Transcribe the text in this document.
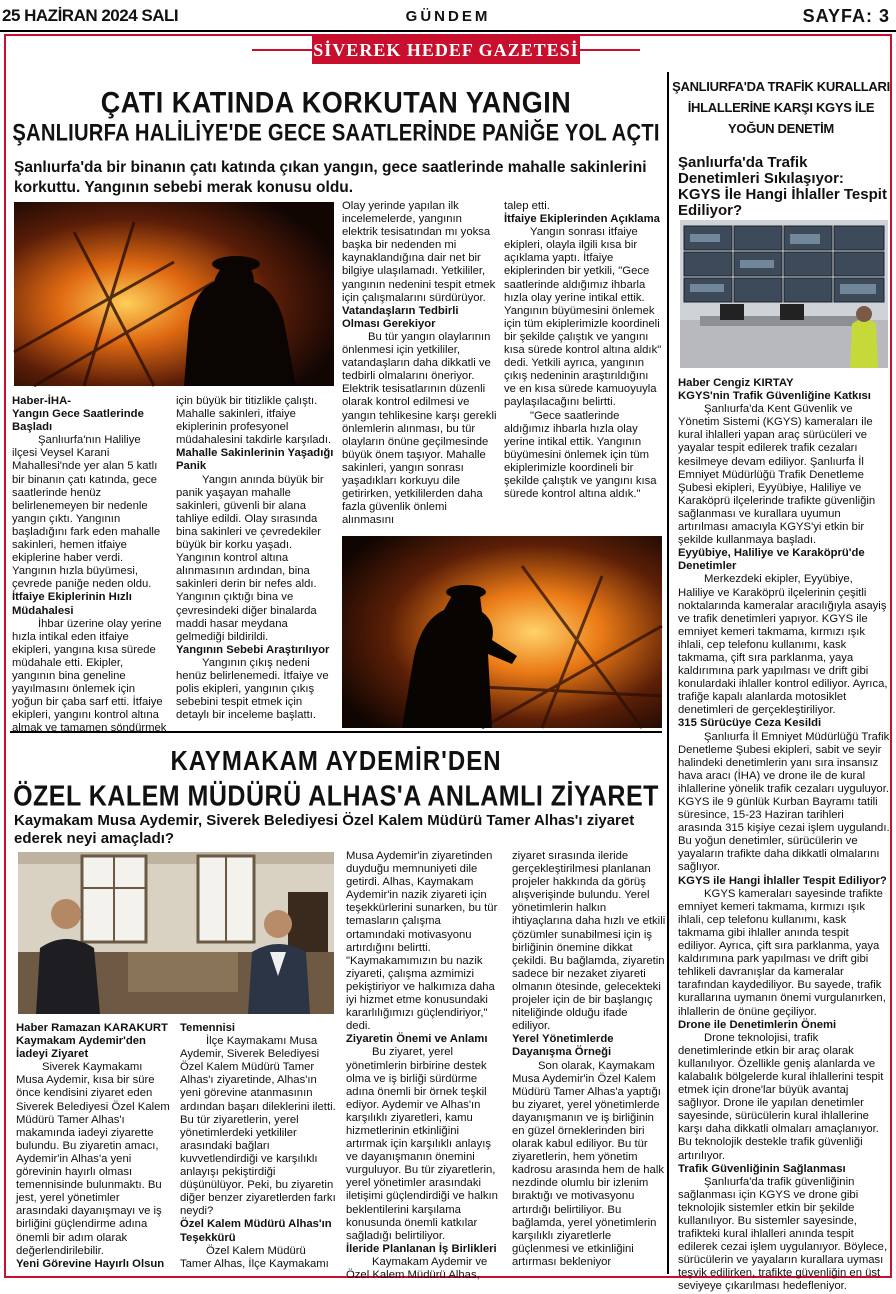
25 HAZİRAN 2024 SALI	GÜNDEM	SAYFA: 3
SİVEREK HEDEF GAZETESİ
ÇATI KATINDA KORKUTAN YANGIN
ŞANLIURFA HALİLİYE'DE GECE SAATLERİNDE PANİĞE YOL AÇTI
Şanlıurfa'da bir binanın çatı katında çıkan yangın, gece saatlerinde mahalle sakinlerini korkuttu. Yangının sebebi merak konusu oldu.

Haber-İHA-

Yangın Gece Saatlerinde Başladı

Şanlıurfa'nın Haliliye ilçesi Veysel Karani Mahallesi'nde yer alan 5 katlı bir binanın çatı katında, gece saatlerinde henüz belirlenemeyen bir nedenle yangın çıktı. Yangının başladığını fark eden mahalle sakinleri, hemen itfaiye ekiplerine haber verdi. Yangının hızla büyümesi, çevrede paniğe neden oldu.

İtfaiye Ekiplerinin Hızlı Müdahalesi

İhbar üzerine olay yerine hızla intikal eden itfaiye ekipleri, yangına kısa sürede müdahale etti. Ekipler, yangının bina geneline yayılmasını önlemek için yoğun bir çaba sarf etti. İtfaiye ekipleri, yangını kontrol altına almak ve tamamen söndürmek

için büyük bir titizlikle çalıştı. Mahalle sakinleri, itfaiye ekiplerinin profesyonel müdahalesini takdirle karşıladı.

Mahalle Sakinlerinin Yaşadığı Panik

Yangın anında büyük bir panik yaşayan mahalle sakinleri, güvenli bir alana tahliye edildi. Olay sırasında bina sakinleri ve çevredekiler büyük bir korku yaşadı. Yangının kontrol altına alınmasının ardından, bina sakinleri derin bir nefes aldı. Yangının çıktığı bina ve çevresindeki diğer binalarda maddi hasar meydana gelmediği bildirildi.

Yangının Sebebi Araştırılıyor

Yangının çıkış nedeni henüz belirlenemedi. İtfaiye ve polis ekipleri, yangının çıkış sebebini tespit etmek için detaylı bir inceleme başlattı.

Olay yerinde yapılan ilk incelemelerde, yangının elektrik tesisatından mı yoksa başka bir nedenden mi kaynaklandığına dair net bir bilgiye ulaşılamadı. Yetkililer, yangının nedenini tespit etmek için çalışmalarını sürdürüyor.

Vatandaşların Tedbirli Olması Gerekiyor

Bu tür yangın olaylarının önlenmesi için yetkililer, vatandaşların daha dikkatli ve tedbirli olmalarını öneriyor. Elektrik tesisatlarının düzenli olarak kontrol edilmesi ve yangın tehlikesine karşı gerekli önlemlerin alınması, bu tür olayların önüne geçilmesinde büyük önem taşıyor. Mahalle sakinleri, yangın sonrası yaşadıkları korkuyu dile getirirken, yetkililerden daha fazla güvenlik önlemi alınmasını

talep etti.

İtfaiye Ekiplerinden Açıklama

Yangın sonrası itfaiye ekipleri, olayla ilgili kısa bir açıklama yaptı. İtfaiye ekiplerinden bir yetkili, "Gece saatlerinde aldığımız ihbarla hızla olay yerine intikal ettik. Yangının büyümesini önlemek için tüm ekiplerimizle koordineli bir şekilde çalıştık ve yangını kısa sürede kontrol altına aldık" dedi. Yetkili ayrıca, yangının çıkış nedeninin araştırıldığını ve en kısa sürede kamuoyuyla paylaşılacağını belirtti.

"Gece saatlerinde aldığımız ihbarla hızla olay yerine intikal ettik. Yangının büyümesini önlemek için tüm ekiplerimizle koordineli bir şekilde çalıştık ve yangını kısa sürede kontrol altına aldık."

KAYMAKAM AYDEMİR'DEN
ÖZEL KALEM MÜDÜRÜ ALHAS'A ANLAMLI ZİYARET
Kaymakam Musa Aydemir, Siverek Belediyesi Özel Kalem Müdürü Tamer Alhas'ı ziyaret ederek neyi amaçladı?

Haber Ramazan KARAKURT

Kaymakam Aydemir'den İadeyi Ziyaret

Siverek Kaymakamı Musa Aydemir, kısa bir süre önce kendisini ziyaret eden Siverek Belediyesi Özel Kalem Müdürü Tamer Alhas'ı makamında iadeyi ziyarette bulundu. Bu ziyaretin amacı, Aydemir'in Alhas'a yeni görevinin hayırlı olması temennisinde bulunmaktı. Bu jest, yerel yönetimler arasındaki dayanışmayı ve iş birliğini güçlendirme adına önemli bir adım olarak değerlendirilebilir.

Yeni Görevine Hayırlı Olsun

Temennisi

İlçe Kaymakamı Musa Aydemir, Siverek Belediyesi Özel Kalem Müdürü Tamer Alhas'ı ziyaretinde, Alhas'ın yeni görevine atanmasının ardından başarı dileklerini iletti. Bu tür ziyaretlerin, yerel yönetimlerdeki yetkililer arasındaki bağları kuvvetlendirdiği ve karşılıklı anlayışı pekiştirdiği düşünülüyor. Peki, bu ziyaretin diğer benzer ziyaretlerden farkı neydi?

Özel Kalem Müdürü Alhas'ın Teşekkürü

Özel Kalem Müdürü Tamer Alhas, İlçe Kaymakamı

Musa Aydemir'in ziyaretinden duyduğu memnuniyeti dile getirdi. Alhas, Kaymakam Aydemir'in nazik ziyareti için teşekkürlerini sunarken, bu tür temasların çalışma ortamındaki motivasyonu artırdığını belirtti. "Kaymakamımızın bu nazik ziyareti, çalışma azmimizi pekiştiriyor ve halkımıza daha iyi hizmet etme konusundaki kararlılığımızı güçlendiriyor," dedi.

Ziyaretin Önemi ve Anlamı

Bu ziyaret, yerel yönetimlerin birbirine destek olma ve iş birliği sürdürme adına önemli bir örnek teşkil ediyor. Aydemir ve Alhas'ın karşılıklı ziyaretleri, kamu hizmetlerinin etkinliğini artırmak için karşılıklı anlayış ve dayanışmanın önemini vurguluyor. Bu tür ziyaretlerin, yerel yönetimler arasındaki iletişimi güçlendirdiği ve halkın beklentilerini karşılama konusunda önemli katkılar sağladığı belirtiliyor.

İleride Planlanan İş Birlikleri

Kaymakam Aydemir ve Özel Kalem Müdürü Alhas,

ziyaret sırasında ileride gerçekleştirilmesi planlanan projeler hakkında da görüş alışverişinde bulundu. Yerel yönetimlerin halkın ihtiyaçlarına daha hızlı ve etkili çözümler sunabilmesi için iş birliğinin önemine dikkat çekildi. Bu bağlamda, ziyaretin sadece bir nezaket ziyareti olmanın ötesinde, gelecekteki projeler için de bir başlangıç niteliğinde olduğu ifade ediliyor.

Yerel Yönetimlerde Dayanışma Örneği

Son olarak, Kaymakam Musa Aydemir'in Özel Kalem Müdürü Tamer Alhas'a yaptığı bu ziyaret, yerel yönetimlerde dayanışmanın ve iş birliğinin en güzel örneklerinden biri olarak kabul ediliyor. Bu tür ziyaretlerin, hem yönetim kadrosu arasında hem de halk nezdinde olumlu bir izlenim bıraktığı ve motivasyonu artırdığı belirtiliyor. Bu bağlamda, yerel yönetimlerin karşılıklı ziyaretlerle güçlenmesi ve etkinliğini artırması bekleniyor

ŞANLIURFA'DA TRAFİK KURALLARI İHLALLERİNE KARŞI KGYS İLE YOĞUN DENETİM
Şanlıurfa'da Trafik Denetimleri Sıkılaşıyor: KGYS İle Hangi İhlaller Tespit Ediliyor?

Haber Cengiz KIRTAY

KGYS'nin Trafik Güvenliğine Katkısı

Şanlıurfa'da Kent Güvenlik ve Yönetim Sistemi (KGYS) kameraları ile kural ihlalleri yapan araç sürücüleri ve yayalar tespit edilerek trafik cezaları kesilmeye devam ediliyor. Şanlıurfa İl Emniyet Müdürlüğü Trafik Denetleme Şubesi ekipleri, Eyyübiye, Haliliye ve Karaköprü ilçelerinde trafikte güvenliğin sağlanması ve kurallara uyumun artırılması amacıyla KGYS'yi etkin bir şekilde kullanmaya başladı.

Eyyübiye, Haliliye ve Karaköprü'de Denetimler

Merkezdeki ekipler, Eyyübiye, Haliliye ve Karaköprü ilçelerinin çeşitli noktalarında kameralar aracılığıyla asayiş ve trafik denetimleri yapıyor. KGYS ile emniyet kemeri takmama, kırmızı ışık ihlali, cep telefonu kullanımı, kask takmama, çift sıra parklanma, yaya kaldırımına park yapılması ve drift gibi konulardaki ihlaller kontrol ediliyor. Ayrıca, trafiğe kapalı alanlarda motosiklet denetimleri de gerçekleştiriliyor.

315 Sürücüye Ceza Kesildi

Şanlıurfa İl Emniyet Müdürlüğü Trafik Denetleme Şubesi ekipleri, sabit ve seyir halindeki denetimlerin yanı sıra insansız hava aracı (İHA) ve drone ile de kural ihlallerine yönelik trafik cezaları uyguluyor. KGYS ile 9 günlük Kurban Bayramı tatili süresince, 15-23 Haziran tarihleri arasında 315 kişiye cezai işlem uygulandı. Bu yoğun denetimler, sürücülerin ve yayaların trafikte daha dikkatli olmalarını sağlıyor.

KGYS ile Hangi İhlaller Tespit Ediliyor?

KGYS kameraları sayesinde trafikte emniyet kemeri takmama, kırmızı ışık ihlali, cep telefonu kullanımı, kask takmama gibi ihlaller anında tespit ediliyor. Ayrıca, çift sıra parklanma, yaya kaldırımına park yapılması ve drift gibi tehlikeli davranışlar da kameralar tarafından kaydediliyor. Bu sayede, trafik kurallarına uymanın önemi vurgulanırken, ihlallerin de önüne geçiliyor.

Drone ile Denetimlerin Önemi

Drone teknolojisi, trafik denetimlerinde etkin bir araç olarak kullanılıyor. Özellikle geniş alanlarda ve kalabalık bölgelerde kural ihlallerini tespit etmek için drone'lar büyük avantaj sağlıyor. Drone ile yapılan denetimler sayesinde, sürücülerin kural ihlallerine karşı daha dikkatli olmaları amaçlanıyor. Bu teknolojik destekle trafik güvenliği artırılıyor.

Trafik Güvenliğinin Sağlanması

Şanlıurfa'da trafik güvenliğinin sağlanması için KGYS ve drone gibi teknolojik sistemler etkin bir şekilde kullanılıyor. Bu sistemler sayesinde, trafikteki kural ihlalleri anında tespit edilerek cezai işlem uygulanıyor. Böylece, sürücülerin ve yayaların kurallara uyması teşvik edilirken, trafikte güvenliğin en üst seviyeye çıkarılması hedefleniyor.
